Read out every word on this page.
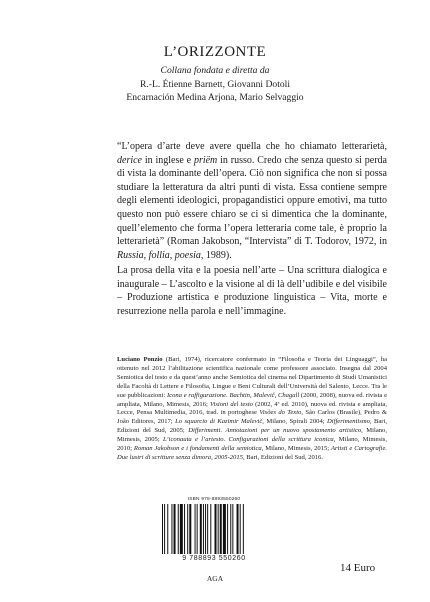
L’ORIZZONTE
Collana fondata e diretta da
R.-L. Étienne Barnett, Giovanni Dotoli
Encarnación Medina Arjona, Mario Selvaggio

“L’opera d’arte deve avere quella che ho chiamato letterarietà, derice in inglese e priëm in russo. Credo che senza questo si perda di vista la dominante dell’opera. Ciò non significa che non si possa studiare la letteratura da altri punti di vista. Essa contiene sempre degli elementi ideologici, propagandistici oppure emotivi, ma tutto questo non può essere chiaro se ci si dimentica che la dominante, quell’elemento che forma l’opera letteraria come tale, è proprio la letterarietà” (Roman Jakobson, “Intervista” di T. Todorov, 1972, in Russia, follia, poesia, 1989).

La prosa della vita e la poesia nell’arte – Una scrittura dialogica e inaugurale – L’ascolto e la visione al di là dell’udibile e del visibile – Produzione artistica e produzione linguistica – Vita, morte e resurrezione nella parola e nell’immagine.

Luciano Ponzio (Bari, 1974), ricercatore confermato in “Filosofia e Teoria dei Linguaggi”, ha ottenuto nel 2012 l’abilitazione scientifica nazionale come professore associato. Insegna dal 2004 Semiotica del testo e da quest’anno anche Semiotica del cinema nel Dipartimento di Studi Umanistici della Facoltà di Lettere e Filosofia, Lingue e Beni Culturali dell’Università del Salento, Lecce. Tra le sue pubblicazioni: Icona e raffigurazione. Bachtin, Malevič, Chagall (2000, 2008), nuova ed. rivista e ampliata, Milano, Mimesis, 2016; Visioni del testo (2002, 4ª ed. 2010), nuova ed. rivista e ampliata, Lecce, Pensa Multimedia, 2016, trad. in portoghese Visões do Texto, São Carlos (Brasile), Pedro & João Editores, 2017; Lo squarcio di Kazimir Malevič, Milano, Spirali 2004; Differimentismo, Bari, Edizioni del Sud, 2005; Differimenti. Annotazioni per un nuovo spostamento artistico, Milano, Mimesis, 2005; L’iconauta e l’artesto. Configurazioni della scrittura iconica, Milano, Mimesis, 2010; Roman Jakobson e i fondamenti della semiotica, Milano, Mimesis, 2015; Artisti e Cartografie. Due lustri di scritture senza dimora, 2005-2015, Bari, Edizioni del Sud, 2016.

ISBN 978-8893550260
9 788893 550260
AGA
14 Euro
